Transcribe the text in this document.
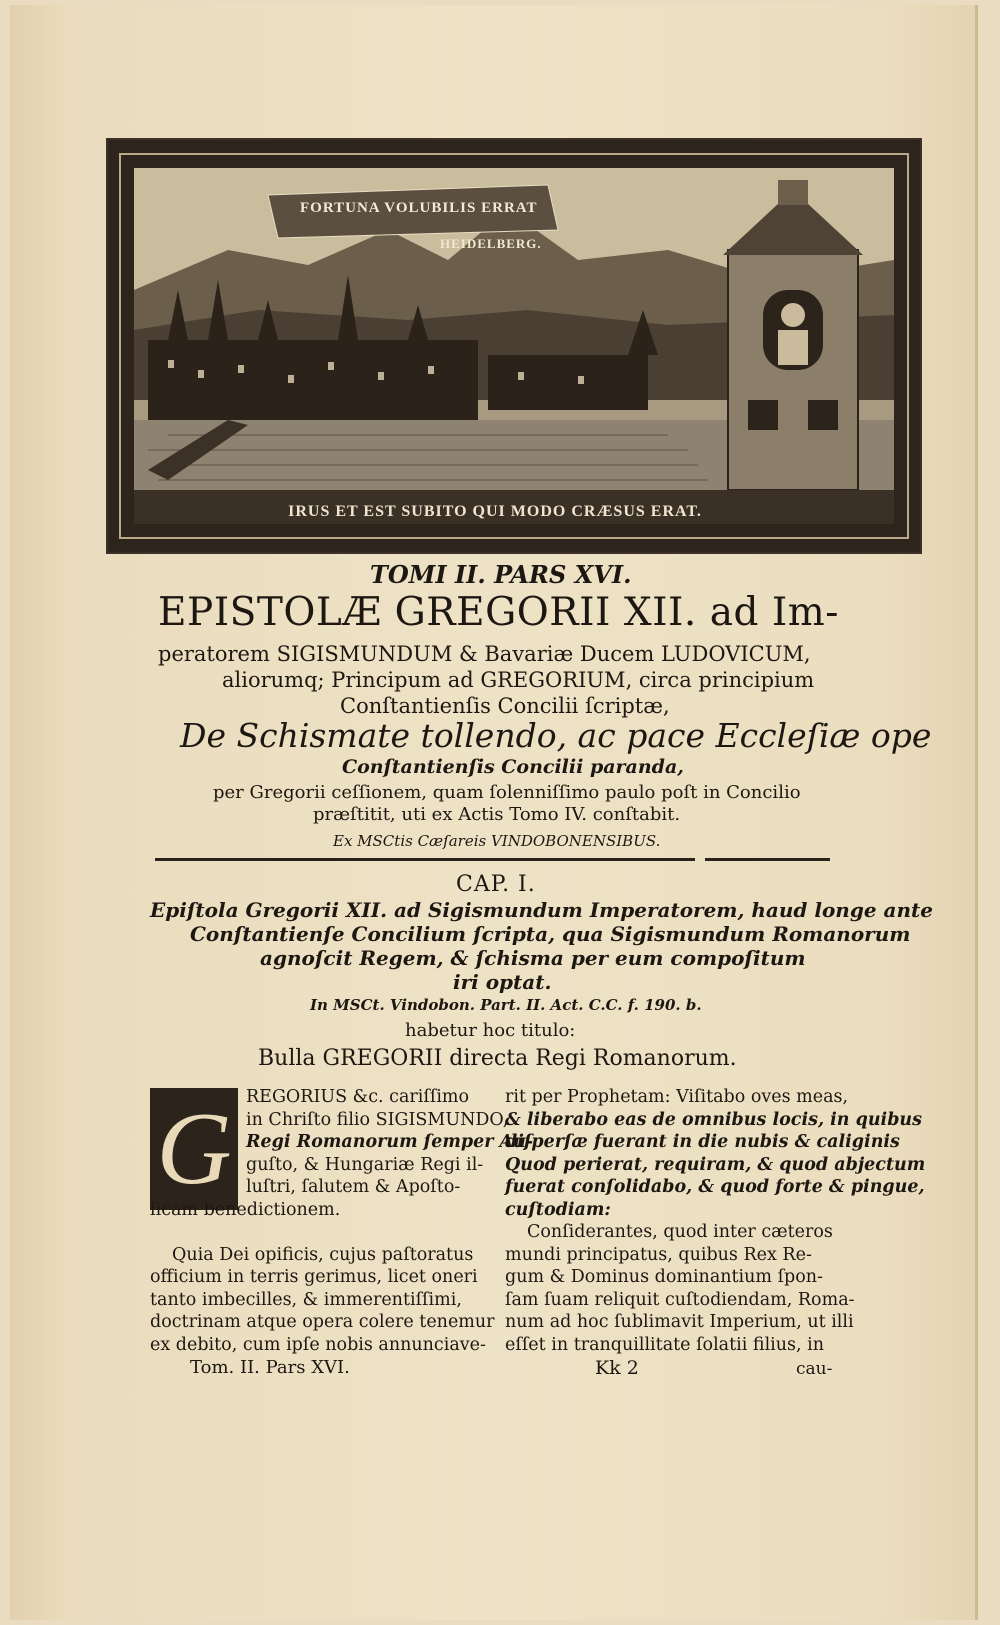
FORTUNA VOLUBILIS ERRAT
HEIDELBERG.
IRUS ET EST SUBITO QUI MODO CRÆSUS ERAT.
TOMI II. PARS XVI.
EPISTOLÆ GREGORII XII. ad Im-
peratorem SIGISMUNDUM & Bavariæ Ducem LUDOVICUM,
aliorumq; Principum ad GREGORIUM, circa principium
Conſtantienſis Concilii ſcriptæ,
De Schismate tollendo, ac pace Eccleſiæ ope
Conſtantienſis Concilii paranda,
per Gregorii ceſſionem, quam ſolenniſſimo paulo poſt in Concilio
præſtitit, uti ex Actis Tomo IV. conſtabit.
Ex MSCtis Cæſareis VINDOBONENSIBUS.
CAP. I.
Epiſtola Gregorii XII. ad Sigismundum Imperatorem, haud longe ante
Conſtantienſe Concilium ſcripta, qua Sigismundum Romanorum
agnoſcit Regem, & ſchisma per eum compoſitum
iri optat.
In MSCt. Vindobon. Part. II. Act. C.C. f. 190. b.
habetur hoc titulo:
Bulla GREGORII directa Regi Romanorum.
G REGORIUS &c. cariſſimo

in Chriſto filio SIGISMUNDO,

Regi Romanorum ſemper Au-

guſto, & Hungariæ Regi il-

luſtri, ſalutem & Apoſto-

licam benedictionem.

Quia Dei opificis, cujus paſtoratus

officium in terris gerimus, licet oneri

tanto imbecilles, & immerentiſſimi,

doctrinam atque opera colere tenemur

ex debito, cum ipſe nobis annunciave-

rit per Prophetam: Viſitabo oves meas,

& liberabo eas de omnibus locis, in quibus

diſperſæ fuerant in die nubis & caliginis

Quod perierat, requiram, & quod abjectum

fuerat conſolidabo, & quod forte & pingue,

cuſtodiam:

Conſiderantes, quod inter cæteros

mundi principatus, quibus Rex Re-

gum & Dominus dominantium ſpon-

ſam ſuam reliquit cuſtodiendam, Roma-

num ad hoc ſublimavit Imperium, ut illi

eſſet in tranquillitate ſolatii filius, in

Tom. II. Pars XVI.	Kk 2	cau-
